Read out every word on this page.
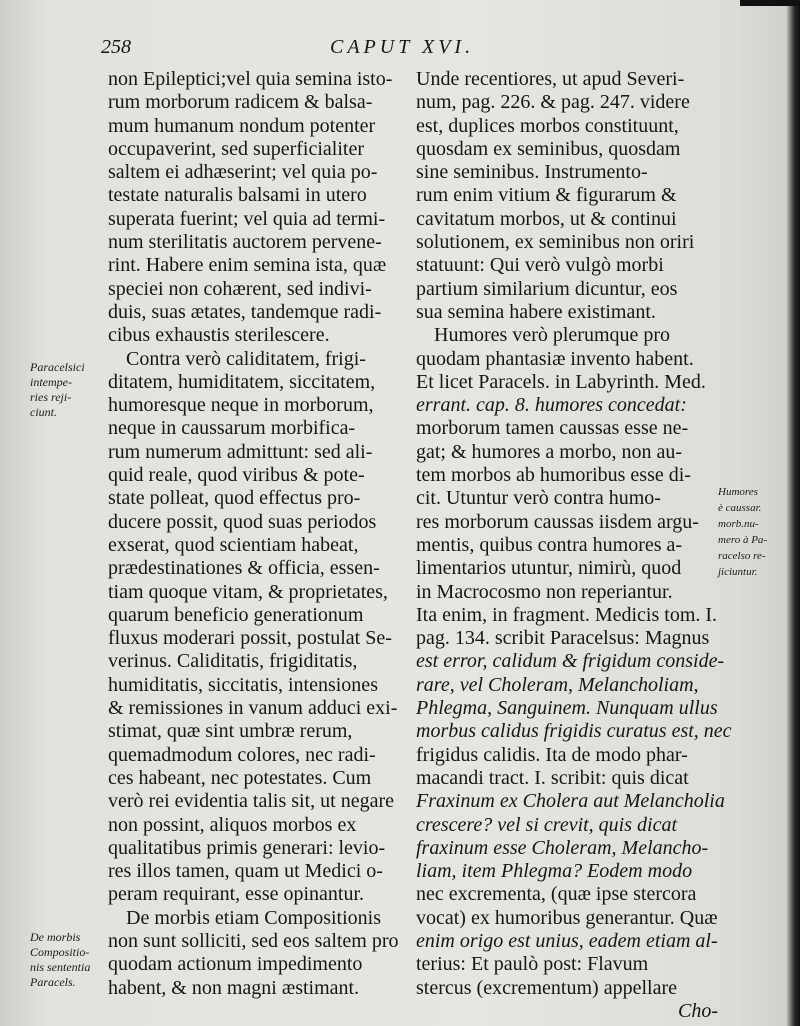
258	CAPUT XVI.
non Epileptici;vel quia semina isto-
rum morborum radicem & balsa-
mum humanum nondum potenter
occupaverint, sed superficialiter
saltem ei adhæserint; vel quia po-
testate naturalis balsami in utero
superata fuerint; vel quia ad termi-
num sterilitatis auctorem pervene-
rint. Habere enim semina ista, quæ
speciei non cohærent, sed indivi-
duis, suas ætates, tandemque radi-
cibus exhaustis sterilescere.
Contra verò caliditatem, frigi-
ditatem, humiditatem, siccitatem,
humoresque neque in morborum,
neque in caussarum morbifica-
rum numerum admittunt: sed ali-
quid reale, quod viribus & pote-
state polleat, quod effectus pro-
ducere possit, quod suas periodos
exserat, quod scientiam habeat,
prædestinationes & officia, essen-
tiam quoque vitam, & proprietates,
quarum beneficio generationum
fluxus moderari possit, postulat Se-
verinus. Caliditatis, frigiditatis,
humiditatis, siccitatis, intensiones
& remissiones in vanum adduci exi-
stimat, quæ sint umbræ rerum,
quemadmodum colores, nec radi-
ces habeant, nec potestates. Cum
verò rei evidentia talis sit, ut negare
non possint, aliquos morbos ex
qualitatibus primis generari: levio-
res illos tamen, quam ut Medici o-
peram requirant, esse opinantur.
De morbis etiam Compositionis
non sunt solliciti, sed eos saltem pro
quodam actionum impedimento
habent, & non magni æstimant.
Unde recentiores, ut apud Severi-
num, pag. 226. & pag. 247. videre
est, duplices morbos constituunt,
quosdam ex seminibus, quosdam
sine seminibus. Instrumento-
rum enim vitium & figurarum &
cavitatum morbos, ut & continui
solutionem, ex seminibus non oriri
statuunt: Qui verò vulgò morbi
partium similarium dicuntur, eos
sua semina habere existimant.
Humores verò plerumque pro
quodam phantasiæ invento habent.
Et licet Paracels. in Labyrinth. Med.
errant. cap. 8. humores concedat:
morborum tamen caussas esse ne-
gat; & humores a morbo, non au-
tem morbos ab humoribus esse di-
cit. Utuntur verò contra humo-
res morborum caussas iisdem argu-
mentis, quibus contra humores a-
limentarios utuntur, nimirù, quod
in Macrocosmo non reperiantur.
Ita enim, in fragment. Medicis tom. I.
pag. 134. scribit Paracelsus: Magnus
est error, calidum & frigidum conside-
rare, vel Choleram, Melancholiam,
Phlegma, Sanguinem. Nunquam ullus
morbus calidus frigidis curatus est, nec
frigidus calidis. Ita de modo phar-
macandi tract. I. scribit: quis dicat
Fraxinum ex Cholera aut Melancholia
crescere? vel si crevit, quis dicat
fraxinum esse Choleram, Melancho-
liam, item Phlegma? Eodem modo
nec excrementa, (quæ ipse stercora
vocat) ex humoribus generantur. Quæ
enim origo est unius, eadem etiam al-
terius: Et paulò post: Flavum
stercus (excrementum) appellare
Cho-
Paracelsici
intempe-
ries reji-
ciunt.
Humores
è caussar.
morb.nu-
mero à Pa-
racelso re-
jiciuntur.
De morbis
Compositio-
nis sententia
Paracels.
